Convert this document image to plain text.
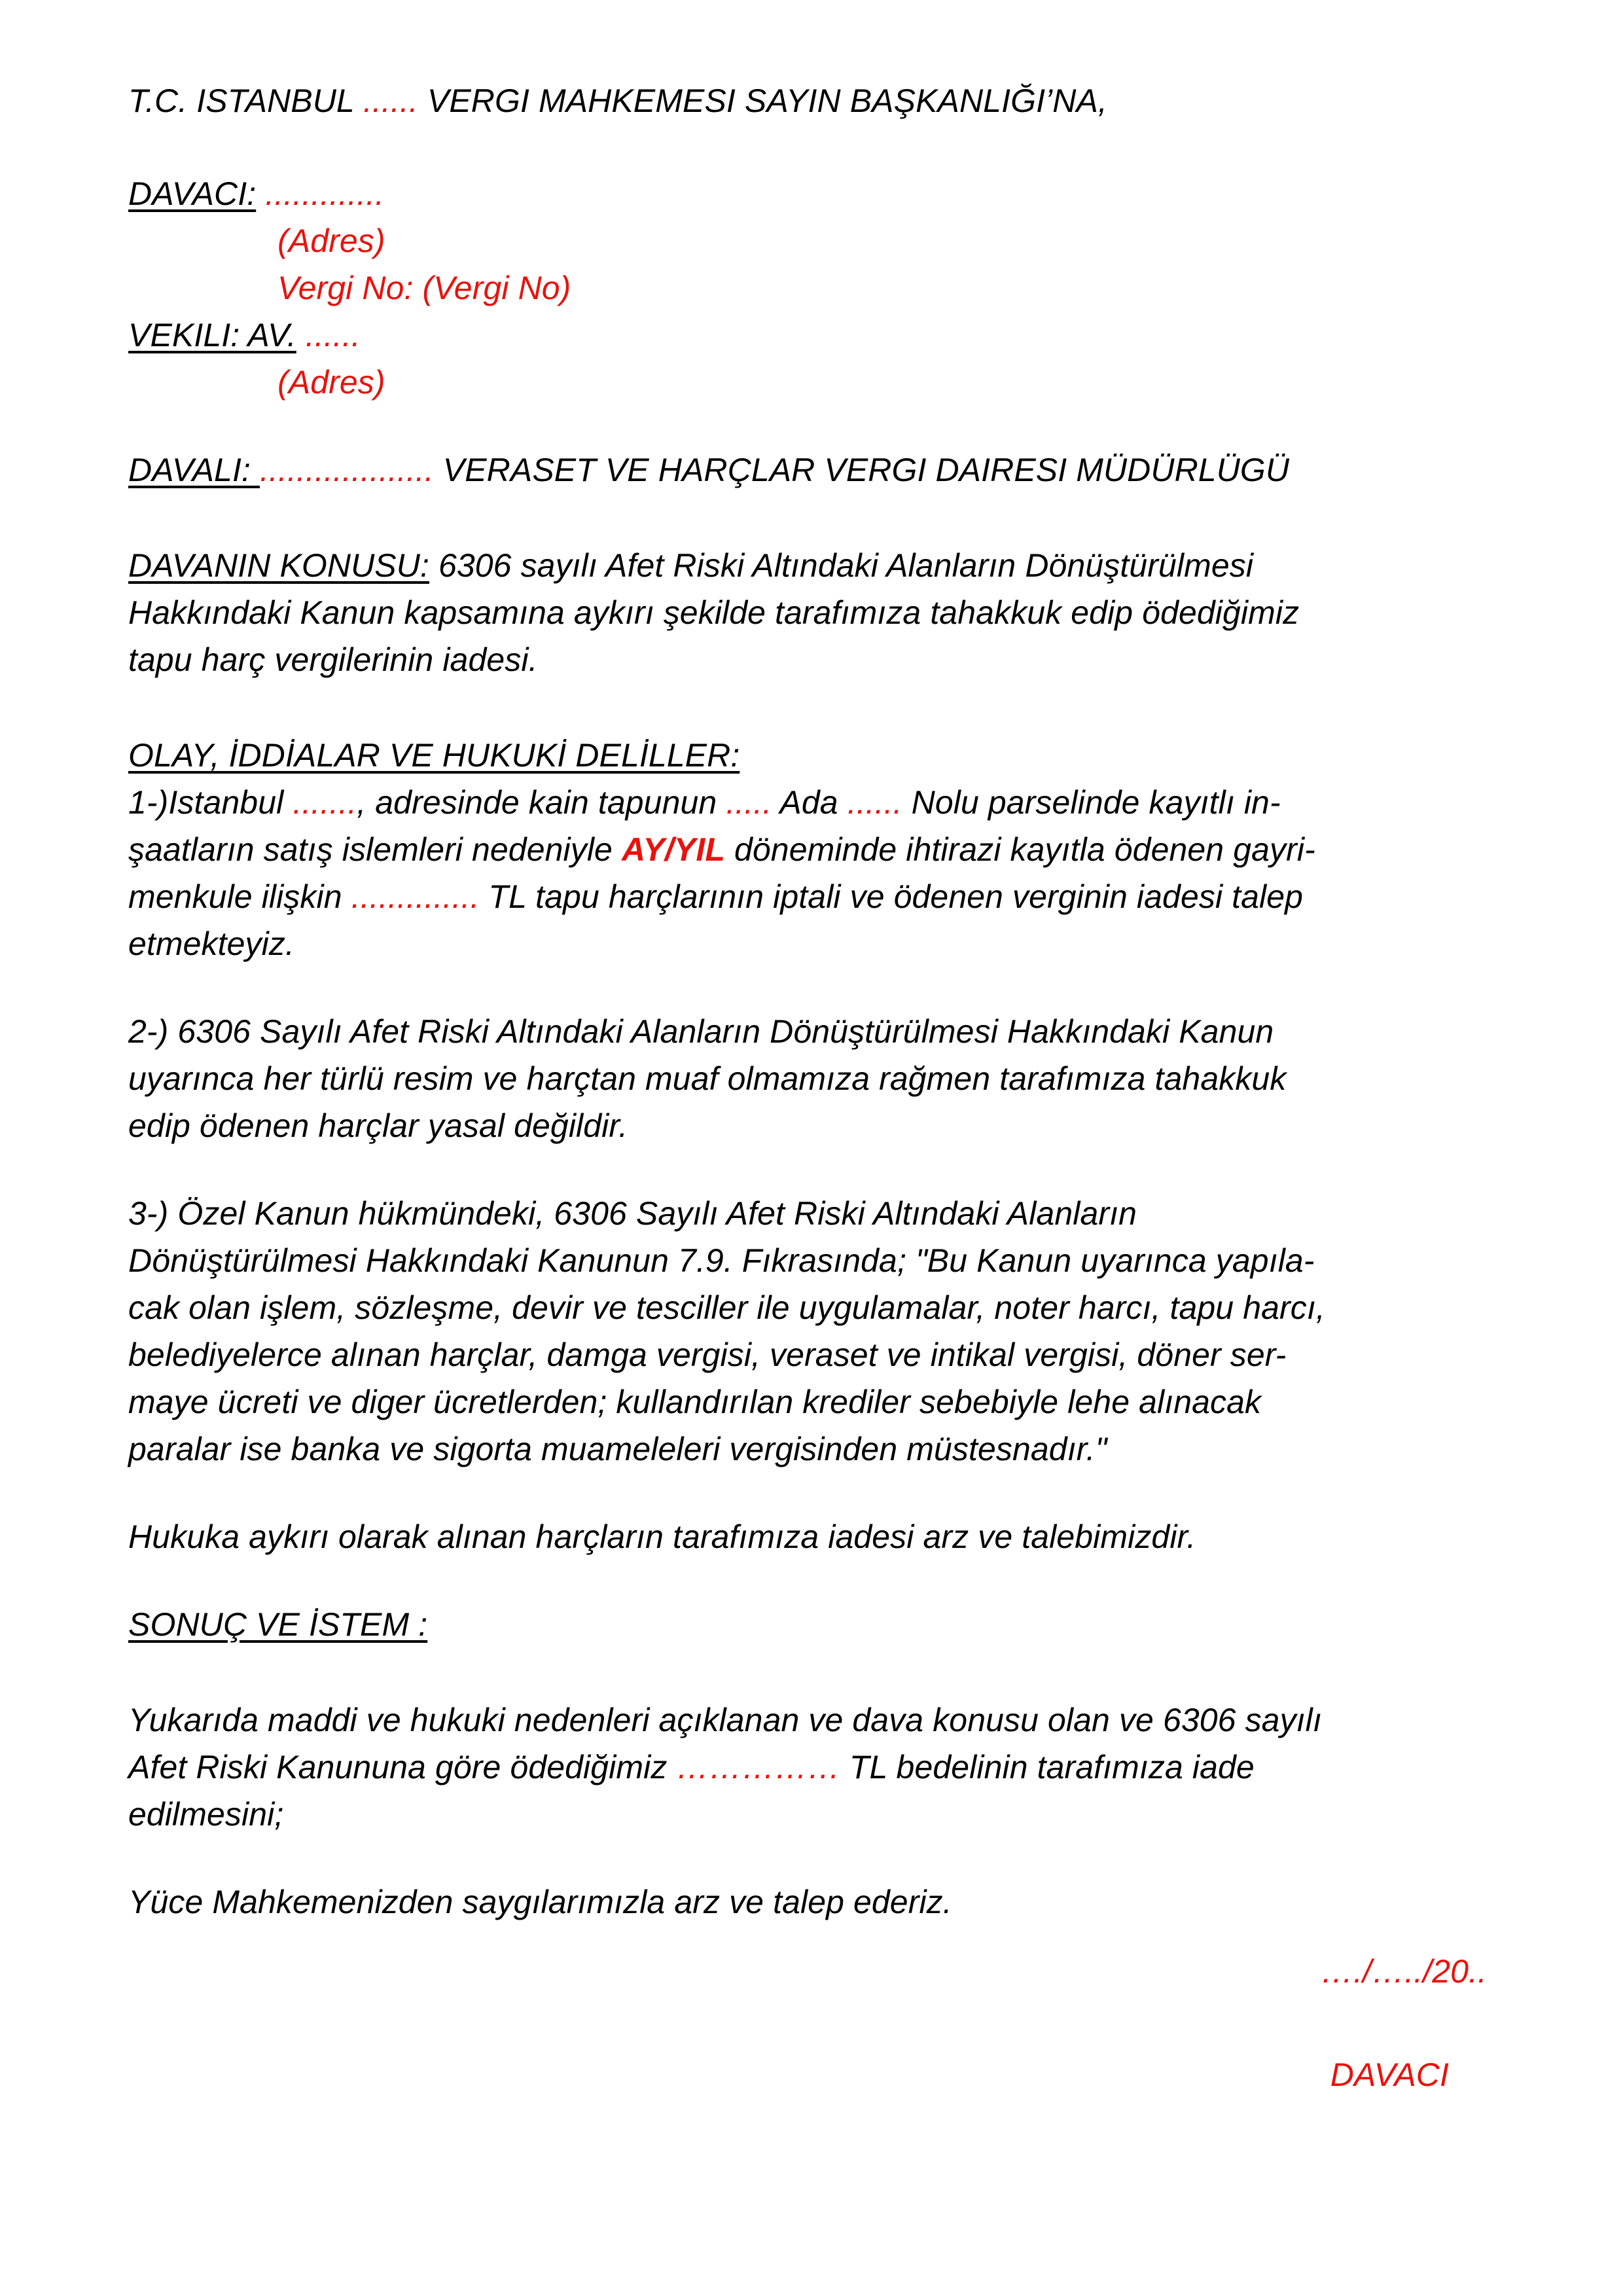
T.C. ISTANBUL ...... VERGI MAHKEMESI SAYIN BAŞKANLIĞI’NA,
DAVACI: .............
(Adres)
Vergi No: (Vergi No)
VEKILI: AV. ......
(Adres)
DAVALI: ................... VERASET VE HARÇLAR VERGI DAIRESI MÜDÜRLÜGÜ
DAVANIN KONUSU: 6306 sayılı Afet Riski Altındaki Alanların Dönüştürülmesi
Hakkındaki Kanun kapsamına aykırı şekilde tarafımıza tahakkuk edip ödediğimiz
tapu harç vergilerinin iadesi.
OLAY, İDDİALAR VE HUKUKİ DELİLLER:
1-)Istanbul ......., adresinde kain tapunun ..... Ada ...... Nolu parselinde kayıtlı in-
şaatların satış islemleri nedeniyle AY/YIL döneminde ihtirazi kayıtla ödenen gayri-
menkule ilişkin .............. TL tapu harçlarının iptali ve ödenen verginin iadesi talep
etmekteyiz.
2-) 6306 Sayılı Afet Riski Altındaki Alanların Dönüştürülmesi Hakkındaki Kanun
uyarınca her türlü resim ve harçtan muaf olmamıza rağmen tarafımıza tahakkuk
edip ödenen harçlar yasal değildir.
3-) Özel Kanun hükmündeki, 6306 Sayılı Afet Riski Altındaki Alanların
Dönüştürülmesi Hakkındaki Kanunun 7.9. Fıkrasında; "Bu Kanun uyarınca yapıla-
cak olan işlem, sözleşme, devir ve tesciller ile uygulamalar, noter harcı, tapu harcı,
belediyelerce alınan harçlar, damga vergisi, veraset ve intikal vergisi, döner ser-
maye ücreti ve diger ücretlerden; kullandırılan krediler sebebiyle lehe alınacak
paralar ise banka ve sigorta muameleleri vergisinden müstesnadır."
Hukuka aykırı olarak alınan harçların tarafımıza iadesi arz ve talebimizdir.
SONUÇ VE İSTEM :
Yukarıda maddi ve hukuki nedenleri açıklanan ve dava konusu olan ve 6306 sayılı
Afet Riski Kanununa göre ödediğimiz …………… TL bedelinin tarafımıza iade
edilmesini;
Yüce Mahkemenizden saygılarımızla arz ve talep ederiz.
…./…../20..
DAVACI
